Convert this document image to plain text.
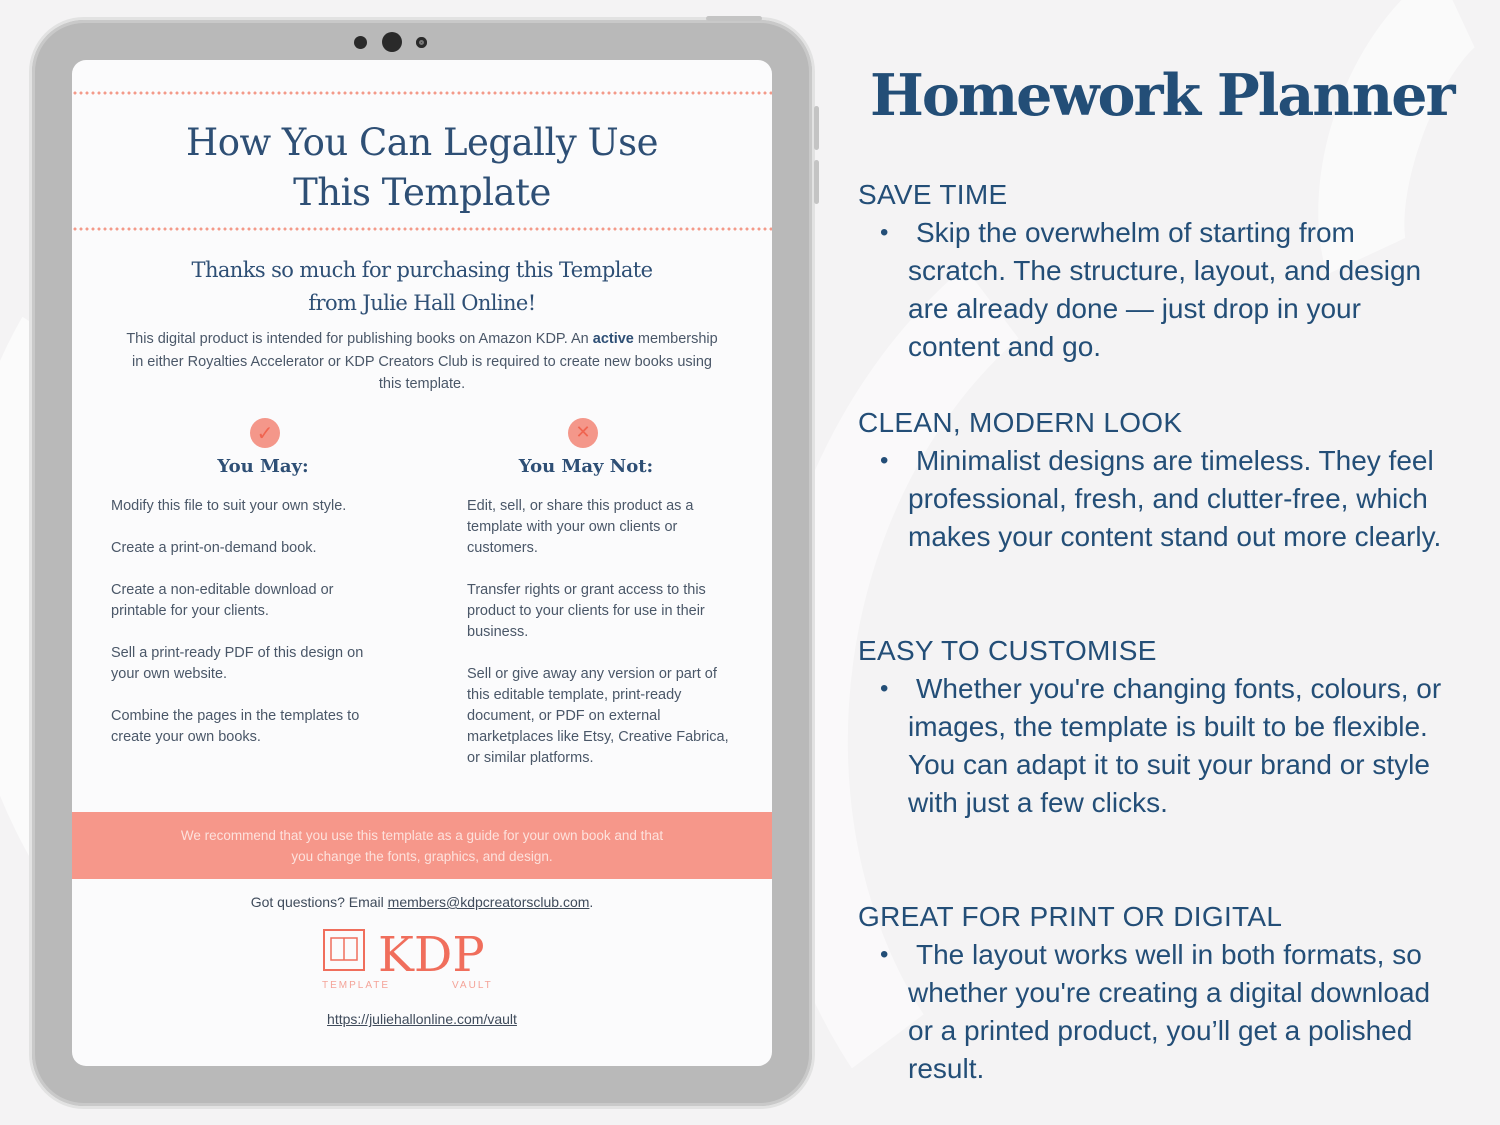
How You Can Legally Use
This Template
Thanks so much for purchasing this Template
from Julie Hall Online!

This digital product is intended for publishing books on Amazon KDP. An active membership in either Royalties Accelerator or KDP Creators Club is required to create new books using this template.

✓	✕
You May:	You May Not:
Modify this file to suit your own style.
Create a print-on-demand book.
Create a non-editable download or printable for your clients.
Sell a print-ready PDF of this design on your own website.
Combine the pages in the templates to create your own books.
Edit, sell, or share this product as a template with your own clients or customers.
Transfer rights or grant access to this product to your clients for use in their business.
Sell or give away any version or part of this editable template, print-ready document, or PDF on external marketplaces like Etsy, Creative Fabrica, or similar platforms.
We recommend that you use this template as a guide for your own book and that you change the fonts, graphics, and design.
Got questions? Email members@kdpcreatorsclub.com.
KDP
TEMPLATE	VAULT
https://juliehallonline.com/vault
Homework Planner
SAVE TIME

• Skip the overwhelm of starting from scratch. The structure, layout, and design are already done — just drop in your content and go.

CLEAN, MODERN LOOK

• Minimalist designs are timeless. They feel professional, fresh, and clutter-free, which makes your content stand out more clearly.

EASY TO CUSTOMISE

• Whether you're changing fonts, colours, or images, the template is built to be flexible. You can adapt it to suit your brand or style with just a few clicks.

GREAT FOR PRINT OR DIGITAL

• The layout works well in both formats, so whether you're creating a digital download or a printed product, you’ll get a polished result.
